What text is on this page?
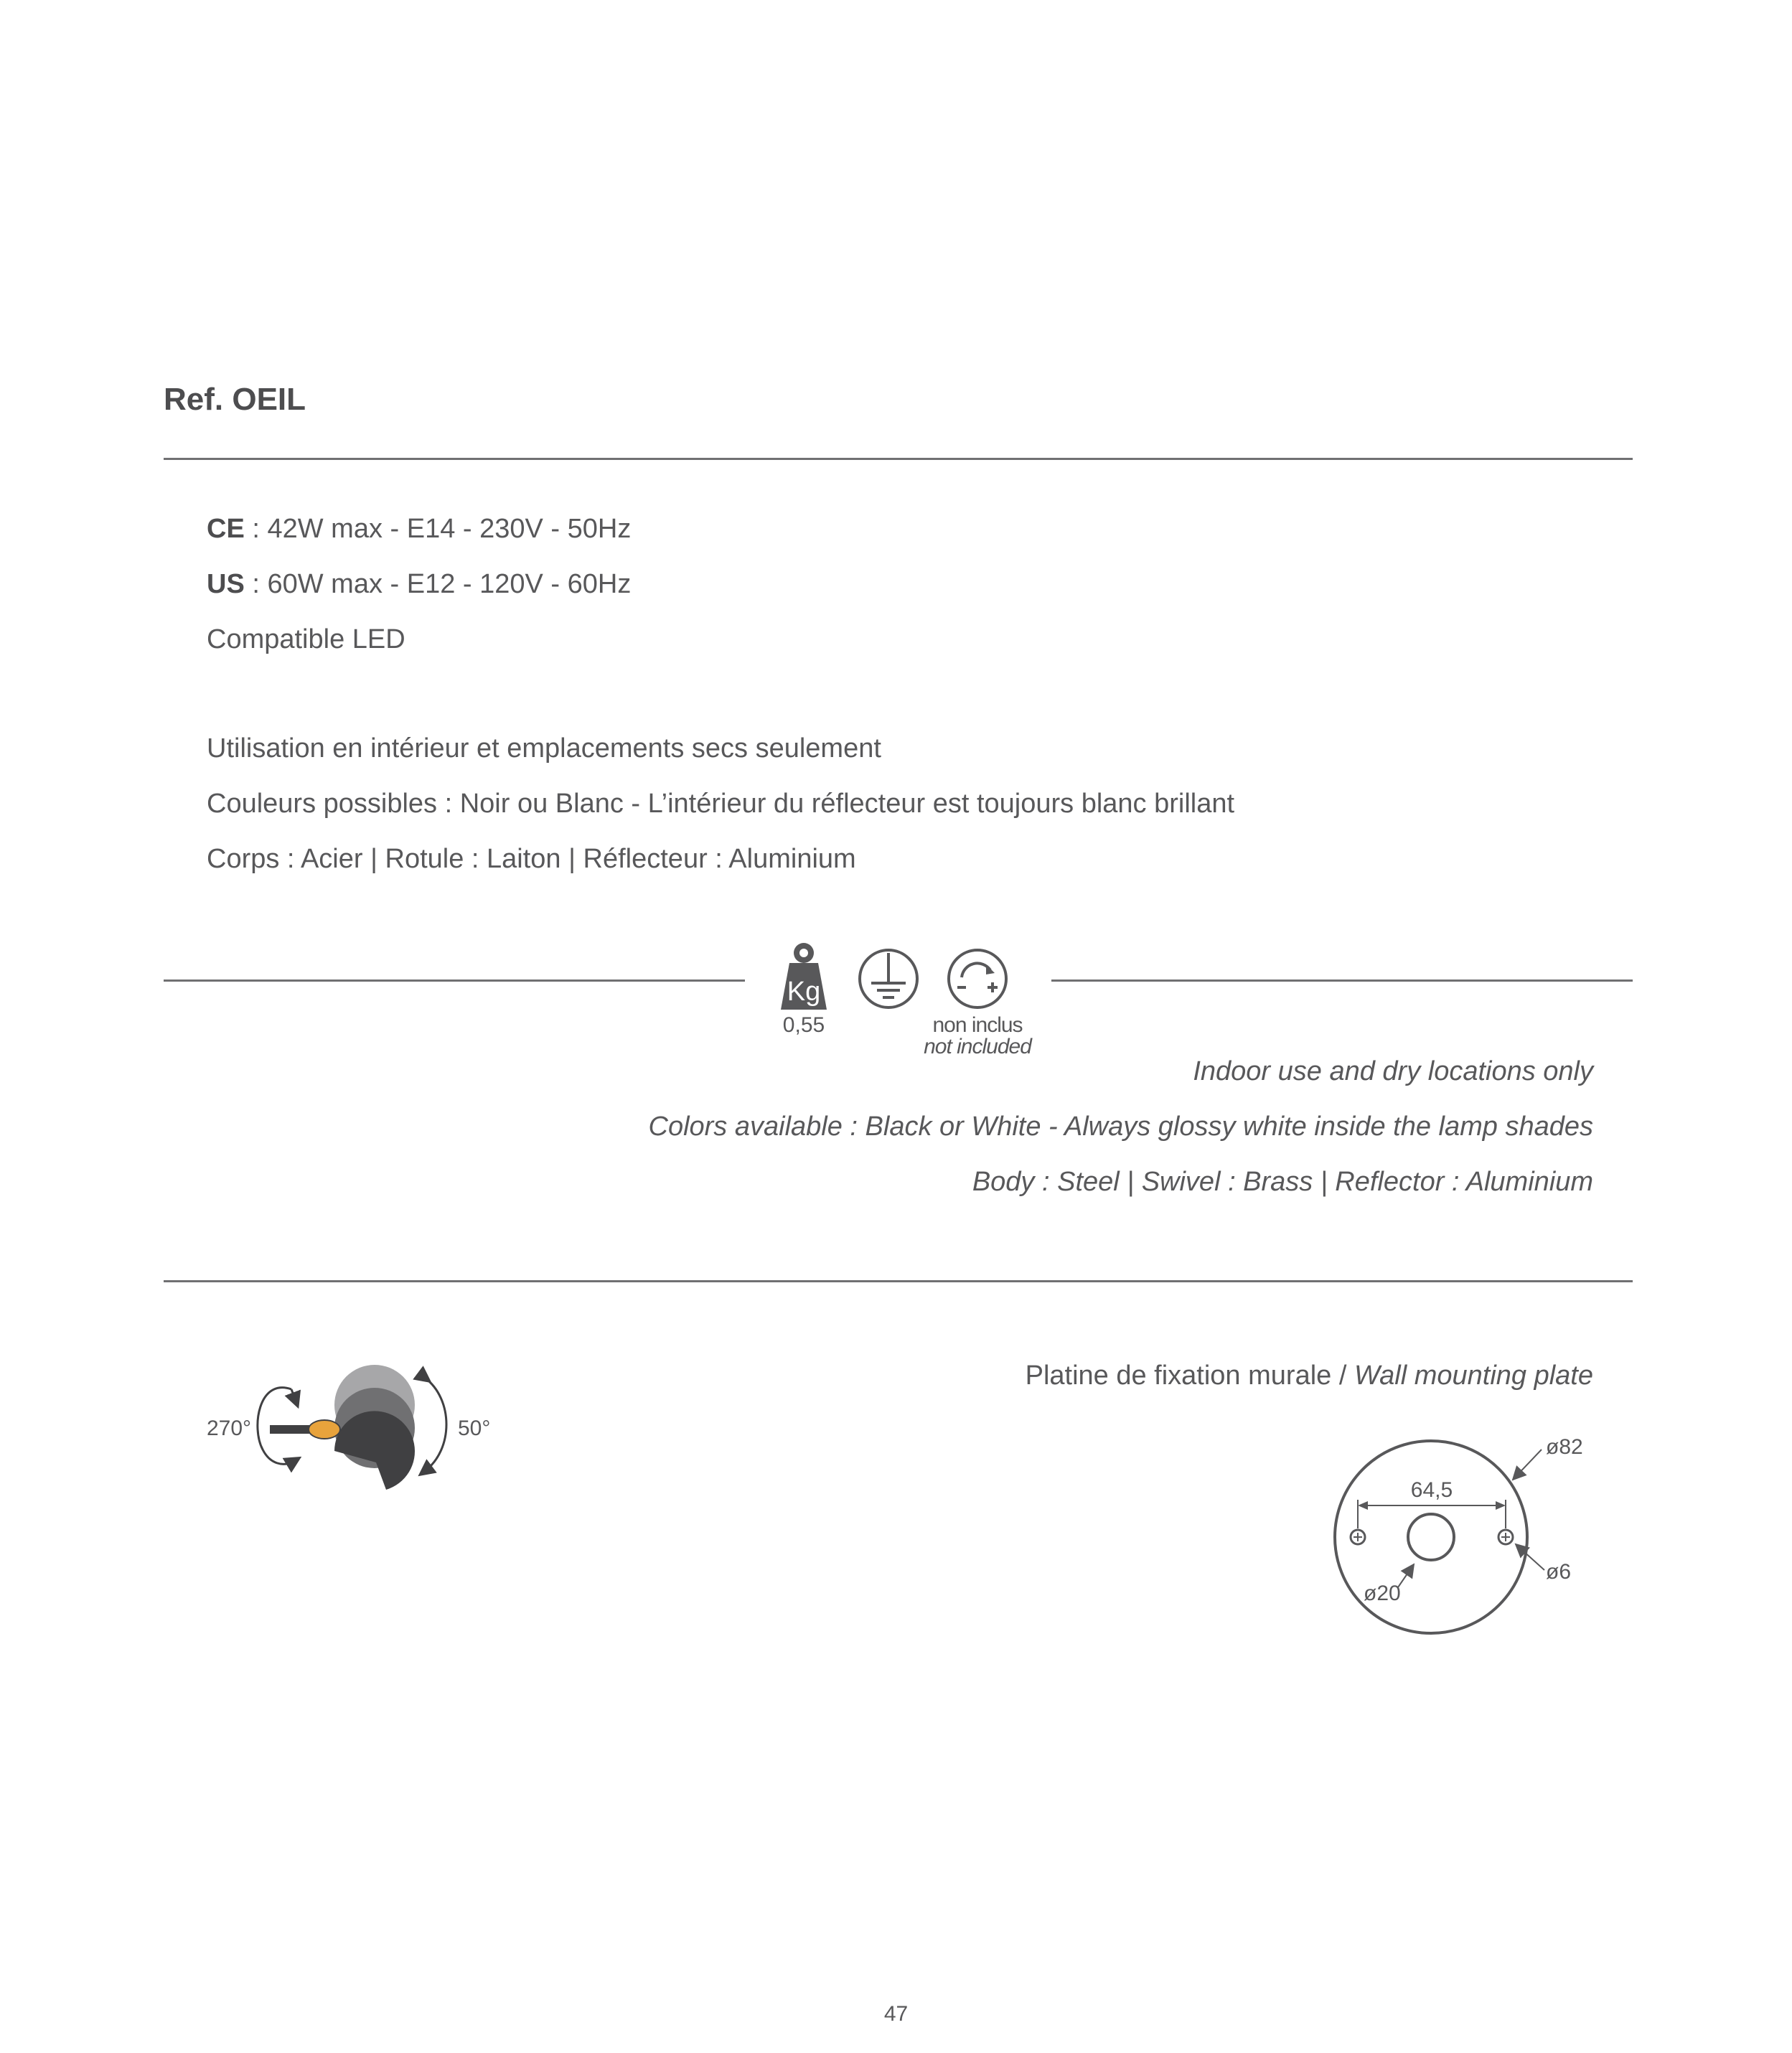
Ref. OEIL
CE : 42W max - E14 - 230V - 50Hz
US : 60W max - E12 - 120V - 60Hz
Compatible LED
Utilisation en intérieur et emplacements secs seulement
Couleurs possibles : Noir ou Blanc - L’intérieur du réflecteur est toujours blanc brillant
Corps : Acier | Rotule : Laiton | Réflecteur : Aluminium
Kg
0,55	non inclus
not included
Indoor use and dry locations only
Colors available : Black or White - Always glossy white inside the lamp shades
Body : Steel | Swivel : Brass | Reflector : Aluminium
270°	50°
Platine de fixation murale / Wall mounting plate
64,5
ø82
ø6
ø20
47
